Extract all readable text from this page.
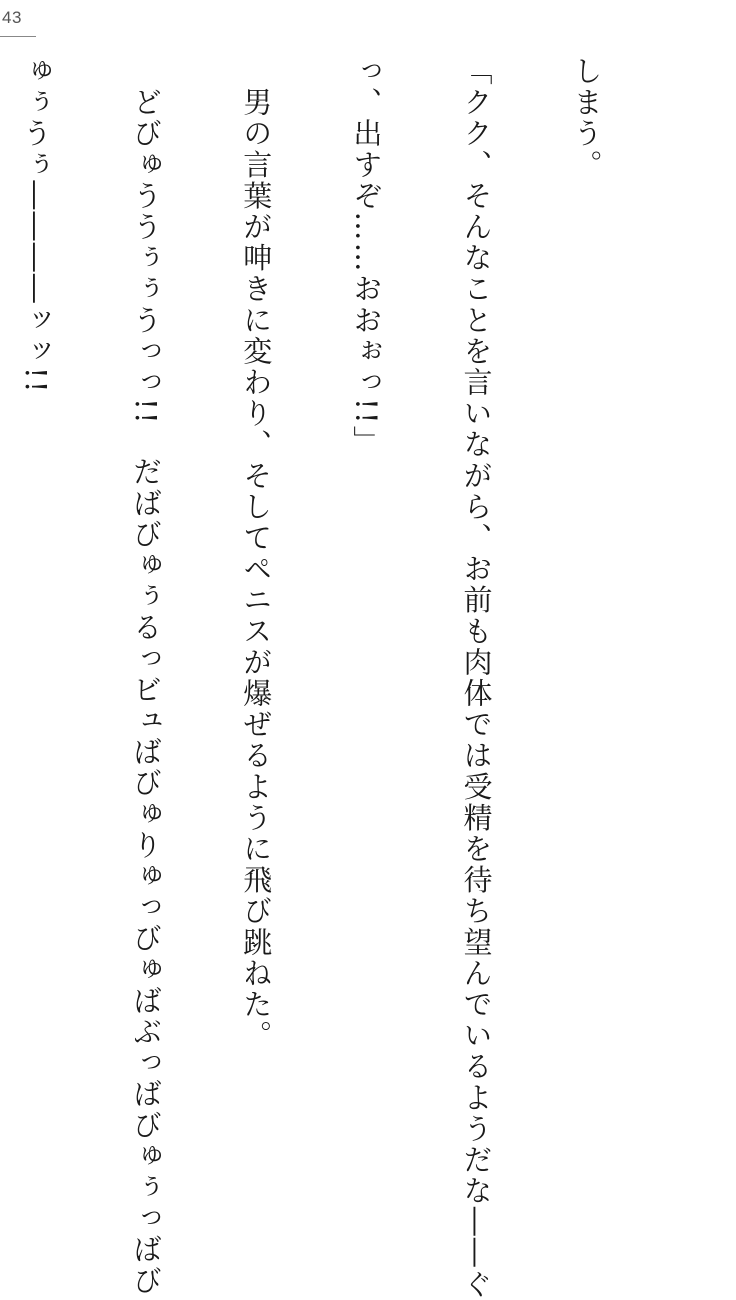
43

しまう。

「クク、そんなことを言いながら、お前も肉体では受精を待ち望んでいるようだな――ぐ

っ、出すぞ……おおぉっ!!」

　男の言葉が呻きに変わり、そしてペニスが爆ぜるように飛び跳ねた。

　どびゅううぅぅうっっ!!　だばびゅぅるっビュばびゅりゅっびゅばぶっばびゅぅっばび

ゅぅうぅ――――ッッ!!
